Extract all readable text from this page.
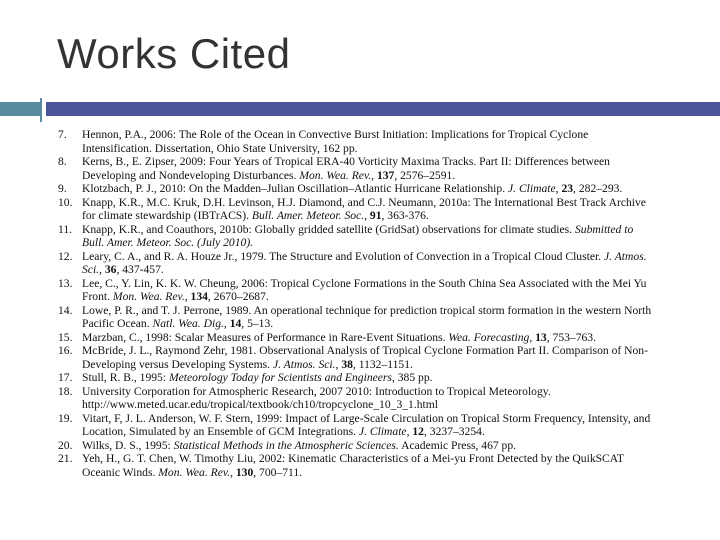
Works Cited
7.	Hennon, P.A., 2006: The Role of the Ocean in Convective Burst Initiation: Implications for Tropical Cyclone Intensification. Dissertation, Ohio State University, 162 pp.
8.	Kerns, B., E. Zipser, 2009: Four Years of Tropical ERA-40 Vorticity Maxima Tracks. Part II: Differences between Developing and Nondeveloping Disturbances. Mon. Wea. Rev., 137, 2576–2591.
9.	Klotzbach, P. J., 2010: On the Madden–Julian Oscillation–Atlantic Hurricane Relationship. J. Climate, 23, 282–293.
10. Knapp, K.R., M.C. Kruk, D.H. Levinson, H.J. Diamond, and C.J. Neumann, 2010a: The International Best Track Archive for climate stewardship (IBTrACS). Bull. Amer. Meteor. Soc., 91, 363-376.
11. Knapp, K.R., and Coauthors, 2010b: Globally gridded satellite (GridSat) observations for climate studies. Submitted to Bull. Amer. Meteor. Soc. (July 2010).
12. Leary, C. A., and R. A. Houze Jr., 1979. The Structure and Evolution of Convection in a Tropical Cloud Cluster. J. Atmos. Sci., 36, 437-457.
13. Lee, C., Y. Lin, K. K. W. Cheung, 2006: Tropical Cyclone Formations in the South China Sea Associated with the Mei Yu Front. Mon. Wea. Rev., 134, 2670–2687.
14. Lowe, P. R., and T. J. Perrone, 1989. An operational technique for prediction tropical storm formation in the western North Pacific Ocean. Natl. Wea. Dig., 14, 5–13.
15. Marzban, C., 1998: Scalar Measures of Performance in Rare-Event Situations. Wea. Forecasting, 13, 753–763.
16. McBride, J. L., Raymond Zehr, 1981. Observational Analysis of Tropical Cyclone Formation Part II. Comparison of Non-Developing versus Developing Systems. J. Atmos. Sci., 38, 1132–1151.
17. Stull, R. B., 1995: Meteorology Today for Scientists and Engineers, 385 pp.
18. University Corporation for Atmospheric Research, 2007 2010: Introduction to Tropical Meteorology. http://www.meted.ucar.edu/tropical/textbook/ch10/tropcyclone_10_3_1.html
19. Vitart, F, J. L. Anderson, W. F. Stern, 1999: Impact of Large-Scale Circulation on Tropical Storm Frequency, Intensity, and Location, Simulated by an Ensemble of GCM Integrations. J. Climate, 12, 3237–3254.
20. Wilks, D. S., 1995: Statistical Methods in the Atmospheric Sciences. Academic Press, 467 pp.
21. Yeh, H., G. T. Chen, W. Timothy Liu, 2002: Kinematic Characteristics of a Mei-yu Front Detected by the QuikSCAT Oceanic Winds. Mon. Wea. Rev., 130, 700–711.
